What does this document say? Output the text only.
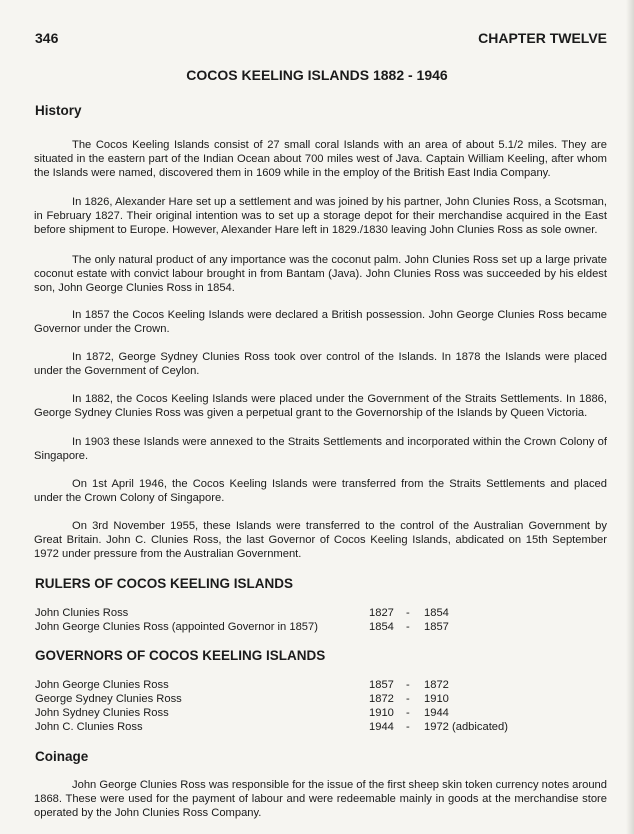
346	CHAPTER TWELVE
COCOS KEELING ISLANDS 1882 - 1946
History

The Cocos Keeling Islands consist of 27 small coral Islands with an area of about 5.1/2 miles. They are situated in the eastern part of the Indian Ocean about 700 miles west of Java. Captain William Keeling, after whom the Islands were named, discovered them in 1609 while in the employ of the British East India Company.

In 1826, Alexander Hare set up a settlement and was joined by his partner, John Clunies Ross, a Scotsman, in February 1827. Their original intention was to set up a storage depot for their merchandise acquired in the East before shipment to Europe. However, Alexander Hare left in 1829./1830 leaving John Clunies Ross as sole owner.

The only natural product of any importance was the coconut palm. John Clunies Ross set up a large private coconut estate with convict labour brought in from Bantam (Java). John Clunies Ross was succeeded by his eldest son, John George Clunies Ross in 1854.

In 1857 the Cocos Keeling Islands were declared a British possession. John George Clunies Ross became Governor under the Crown.

In 1872, George Sydney Clunies Ross took over control of the Islands. In 1878 the Islands were placed under the Government of Ceylon.

In 1882, the Cocos Keeling Islands were placed under the Government of the Straits Settlements. In 1886, George Sydney Clunies Ross was given a perpetual grant to the Governorship of the Islands by Queen Victoria.

In 1903 these Islands were annexed to the Straits Settlements and incorporated within the Crown Colony of Singapore.

On 1st April 1946, the Cocos Keeling Islands were transferred from the Straits Settlements and placed under the Crown Colony of Singapore.

On 3rd November 1955, these Islands were transferred to the control of the Australian Government by Great Britain. John C. Clunies Ross, the last Governor of Cocos Keeling Islands, abdicated on 15th September 1972 under pressure from the Australian Government.

RULERS OF COCOS KEELING ISLANDS
John Clunies Ross	1827 - 1854
John George Clunies Ross (appointed Governor in 1857)	1854 - 1857
GOVERNORS OF COCOS KEELING ISLANDS
John George Clunies Ross	1857 - 1872
George Sydney Clunies Ross	1872 - 1910
John Sydney Clunies Ross	1910 - 1944
John C. Clunies Ross	1944 - 1972 (adbicated)
Coinage

John George Clunies Ross was responsible for the issue of the first sheep skin token currency notes around 1868. These were used for the payment of labour and were redeemable mainly in goods at the merchandise store operated by the John Clunies Ross Company.
